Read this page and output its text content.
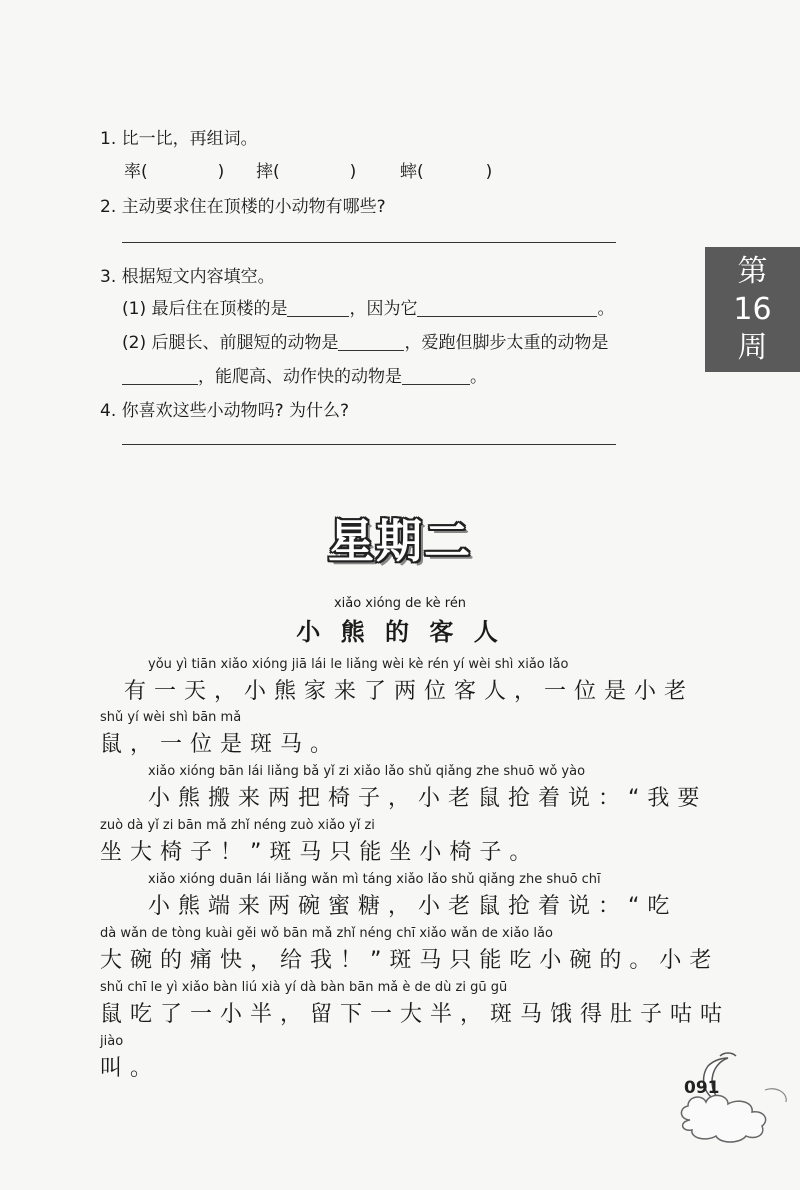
1. 比一比，再组词。
率(	) 摔(	)	蟀(	)
2. 主动要求住在顶楼的小动物有哪些?
3. 根据短文内容填空。
(1) 最后住在顶楼的是	，因为它	。
(2) 后腿长、前腿短的动物是	，爱跑但脚步太重的动物是
，能爬高、动作快的动物是	。
4. 你喜欢这些小动物吗? 为什么?
第
16
周
星期二
xiǎo xióng de kè rén
小 熊 的 客 人
yǒu yì tiān xiǎo xióng jiā lái le liǎng wèi kè rén yí wèi shì xiǎo lǎo
有一天，小熊家来了两位客人，一位是小老
shǔ yí wèi shì bān mǎ
鼠，一位是斑马。
xiǎo xióng bān lái liǎng bǎ yǐ zi xiǎo lǎo shǔ qiǎng zhe shuō wǒ yào
小熊搬来两把椅子，小老鼠抢着说：“我要
zuò dà yǐ zi bān mǎ zhǐ néng zuò xiǎo yǐ zi
坐大椅子！”斑马只能坐小椅子。
xiǎo xióng duān lái liǎng wǎn mì táng xiǎo lǎo shǔ qiǎng zhe shuō chī
小熊端来两碗蜜糖，小老鼠抢着说：“吃
dà wǎn de tòng kuài gěi wǒ bān mǎ zhǐ néng chī xiǎo wǎn de xiǎo lǎo
大碗的痛快，给我！”斑马只能吃小碗的。小老
shǔ chī le yì xiǎo bàn liú xià yí dà bàn bān mǎ è de dù zi gū gū
鼠吃了一小半，留下一大半，斑马饿得肚子咕咕
jiào
叫。
091
